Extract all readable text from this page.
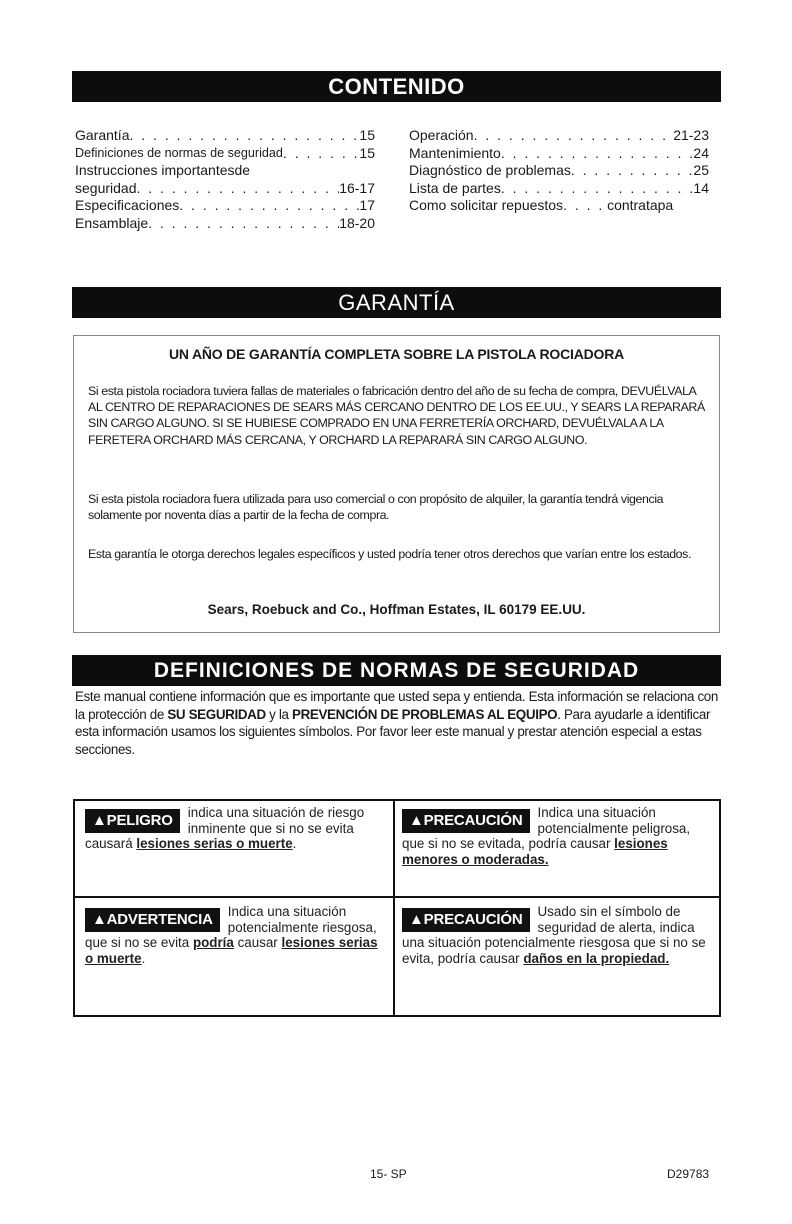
CONTENIDO
Garantía . . .	15
Definiciones de normas de seguridad . . .	15
Instrucciones importantesde
seguridad . . .	16-17
Especificaciones . . .	17
Ensamblaje . . .	18-20
Operación . . .	21-23
Mantenimiento . . .	24
Diagnóstico de problemas . . .	25
Lista de partes . . .	14
Como solicitar repuestos . . .	contratapa
GARANTÍA
UN AÑO DE GARANTÍA COMPLETA SOBRE LA PISTOLA ROCIADORA
Si esta pistola rociadora tuviera fallas de materiales o fabricación dentro del año de su fecha de compra, DEVUÉLVALA AL CENTRO DE REPARACIONES DE SEARS MÁS CERCANO DENTRO DE LOS EE.UU., Y SEARS LA REPARARÁ SIN CARGO ALGUNO. SI SE HUBIESE COMPRADO EN UNA FERRETERÍA ORCHARD, DEVUÉLVALA A LA FERETERA ORCHARD MÁS CERCANA, Y ORCHARD LA REPARARÁ SIN CARGO ALGUNO.
Si esta pistola rociadora fuera utilizada para uso comercial o con propósito de alquiler, la garantía tendrá vigencia solamente por noventa días a partir de la fecha de compra.
Esta garantía le otorga derechos legales específicos y usted podría tener otros derechos que varían entre los estados.
Sears, Roebuck and Co., Hoffman Estates, IL 60179 EE.UU.
DEFINICIONES DE NORMAS DE SEGURIDAD
Este manual contiene información que es importante que usted sepa y entienda. Esta información se relaciona con la protección de SU SEGURIDAD y la PREVENCIÓN DE PROBLEMAS AL EQUIPO. Para ayudarle a identificar esta información usamos los siguientes símbolos. Por favor leer este manual y prestar atención especial a estas secciones.
▲PELIGRO	indica una situación de riesgo inminente que si no se evita causará lesiones serias o muerte.
▲PRECAUCIÓN	Indica una situación potencialmente peligrosa, que si no se evitada, podría causar lesiones menores o moderadas.
▲ADVERTENCIA	Indica una situación potencialmente riesgosa, que si no se evita podría causar lesiones serias o muerte.
▲PRECAUCIÓN	Usado sin el símbolo de seguridad de alerta, indica una situación potencialmente riesgosa que si no se evita, podría causar daños en la propiedad.
15- SP	D29783
